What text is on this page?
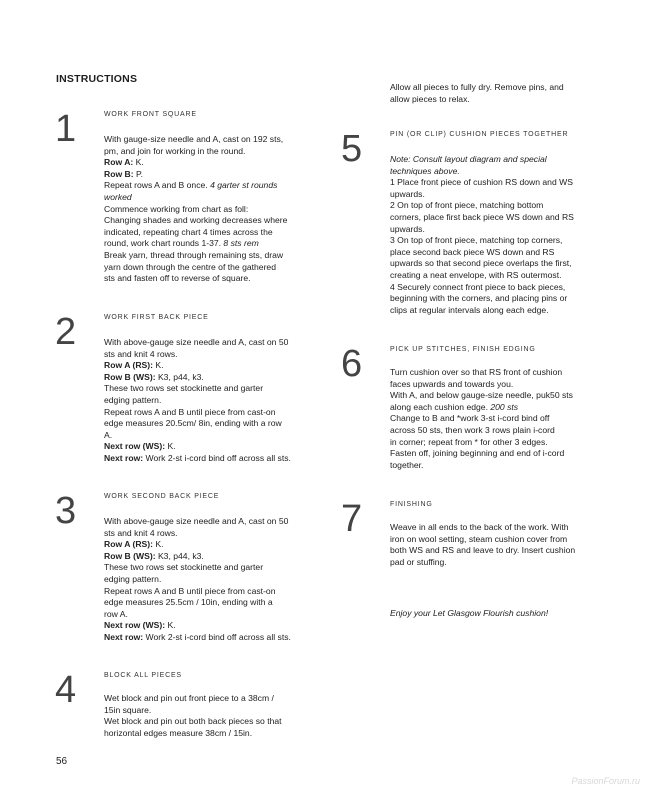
INSTRUCTIONS

Allow all pieces to fully dry. Remove pins, and

allow pieces to relax.

1	WORK FRONT SQUARE

With gauge-size needle and A, cast on 192 sts,

pm, and join for working in the round.

Row A: K.

Row B: P.

Repeat rows A and B once. 4 garter st rounds

worked

Commence working from chart as foll:

Changing shades and working decreases where

indicated, repeating chart 4 times across the

round, work chart rounds 1-37. 8 sts rem

Break yarn, thread through remaining sts, draw

yarn down through the centre of the gathered

sts and fasten off to reverse of square.

2	WORK FIRST BACK PIECE

With above-gauge size needle and A, cast on 50

sts and knit 4 rows.

Row A (RS): K.

Row B (WS): K3, p44, k3.

These two rows set stockinette and garter

edging pattern.

Repeat rows A and B until piece from cast-on

edge measures 20.5cm/ 8in, ending with a row

A.

Next row (WS): K.

Next row: Work 2-st i-cord bind off across all sts.

3	WORK SECOND BACK PIECE

With above-gauge size needle and A, cast on 50

sts and knit 4 rows.

Row A (RS): K.

Row B (WS): K3, p44, k3.

These two rows set stockinette and garter

edging pattern.

Repeat rows A and B until piece from cast-on

edge measures 25.5cm / 10in, ending with a

row A.

Next row (WS): K.

Next row: Work 2-st i-cord bind off across all sts.

4	BLOCK ALL PIECES

Wet block and pin out front piece to a 38cm /

15in square.

Wet block and pin out both back pieces so that

horizontal edges measure 38cm / 15in.

5	PIN (OR CLIP) CUSHION PIECES TOGETHER

Note: Consult layout diagram and special

techniques above.

1 Place front piece of cushion RS down and WS

upwards.

2 On top of front piece, matching bottom

corners, place first back piece WS down and RS

upwards.

3 On top of front piece, matching top corners,

place second back piece WS down and RS

upwards so that second piece overlaps the first,

creating a neat envelope, with RS outermost.

4 Securely connect front piece to back pieces,

beginning with the corners, and placing pins or

clips at regular intervals along each edge.

6	PICK UP STITCHES, FINISH EDGING

Turn cushion over so that RS front of cushion

faces upwards and towards you.

With A, and below gauge-size needle, puk50 sts

along each cushion edge. 200 sts

Change to B and *work 3-st i-cord bind off

across 50 sts, then work 3 rows plain i-cord

in corner; repeat from * for other 3 edges.

Fasten off, joining beginning and end of i-cord

together.

7	FINISHING

Weave in all ends to the back of the work. With

iron on wool setting, steam cushion cover from

both WS and RS and leave to dry. Insert cushion

pad or stuffing.

Enjoy your Let Glasgow Flourish cushion!
56
PassionForum.ru
